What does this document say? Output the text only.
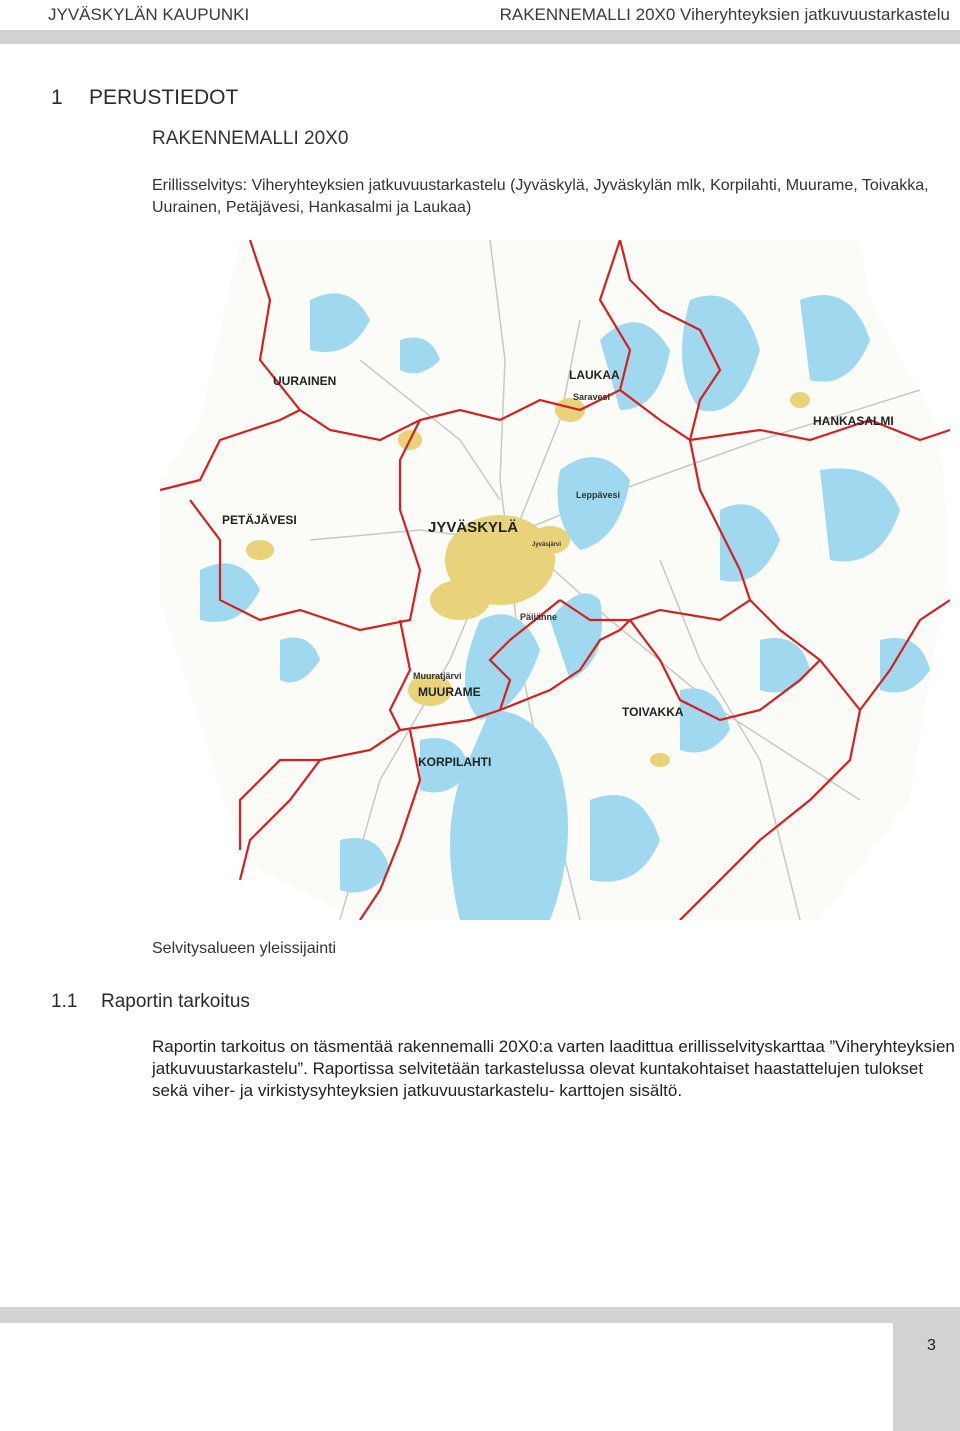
JYVÄSKYLÄN KAUPUNKI	RAKENNEMALLI 20X0 Viheryhteyksien jatkuvuustarkastelu
1 PERUSTIEDOT
RAKENNEMALLI 20X0
Erillisselvitys: Viheryhteyksien jatkuvuustarkastelu (Jyväskylä, Jyväskylän mlk, Korpilahti, Muurame, Toivakka, Uurainen, Petäjävesi, Hankasalmi ja Laukaa)
UURAINEN	LAUKAA
Saravesi
HANKASALMI
Leppävesi
PETÄJÄVESI	JYVÄSKYLÄ
Jyväsjärvi
Päijänne
Muuratjärvi
MUURAME
TOIVAKKA
KORPILAHTI
Selvitysalueen yleissijainti
1.1 Raportin tarkoitus
Raportin tarkoitus on täsmentää rakennemalli 20X0:a varten laadittua erillisselvityskarttaa ”Viheryhteyksien jatkuvuustarkastelu”. Raportissa selvitetään tarkastelussa olevat kuntakohtaiset haastattelujen tulokset sekä viher- ja virkistysyhteyksien jatkuvuustarkastelu- karttojen sisältö.
3
